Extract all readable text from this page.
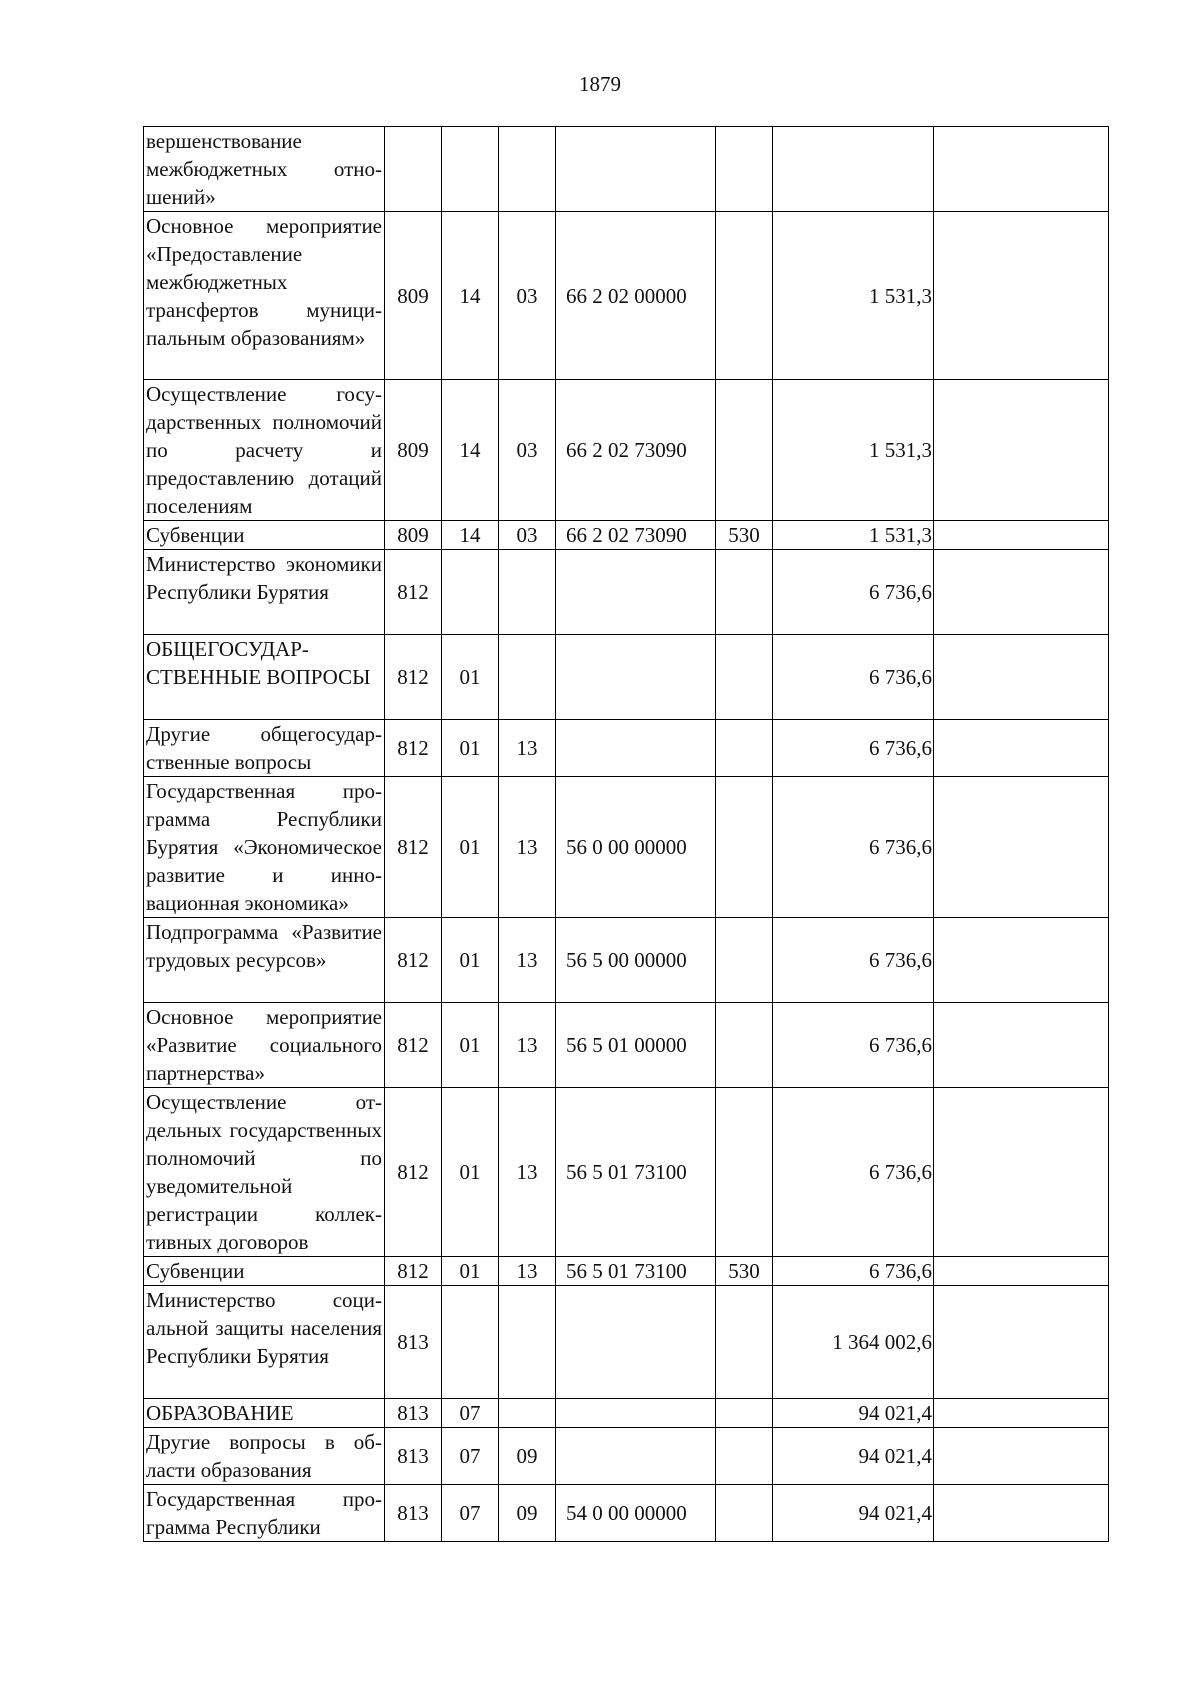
1879
вершенствование межбюджетных отношений»							
Основное мероприятие «Предоставление межбюджетных трансфертов муниципальным образованиям»	809	14	03	66 2 02 00000		1 531,3	
Осуществление государственных полномочий по расчету и предоставлению дотаций поселениям	809	14	03	66 2 02 73090		1 531,3	
Субвенции	809	14	03	66 2 02 73090	530	1 531,3	
Министерство экономики Республики Бурятия	812					6 736,6	
ОБЩЕГОСУДАРСТВЕННЫЕ ВОПРОСЫ	812	01				6 736,6	
Другие общегосударственные вопросы	812	01	13			6 736,6	
Государственная программа Республики Бурятия «Экономическое развитие и инновационная экономика»	812	01	13	56 0 00 00000		6 736,6	
Подпрограмма «Развитие трудовых ресурсов»	812	01	13	56 5 00 00000		6 736,6	
Основное мероприятие «Развитие социального партнерства»	812	01	13	56 5 01 00000		6 736,6	
Осуществление отдельных государственных полномочий по уведомительной регистрации коллективных договоров	812	01	13	56 5 01 73100		6 736,6	
Субвенции	812	01	13	56 5 01 73100	530	6 736,6	
Министерство социальной защиты населения Республики Бурятия	813					1 364 002,6	
ОБРАЗОВАНИЕ	813	07				94 021,4	
Другие вопросы в области образования	813	07	09			94 021,4	
Государственная программа Республики	813	07	09	54 0 00 00000		94 021,4	
